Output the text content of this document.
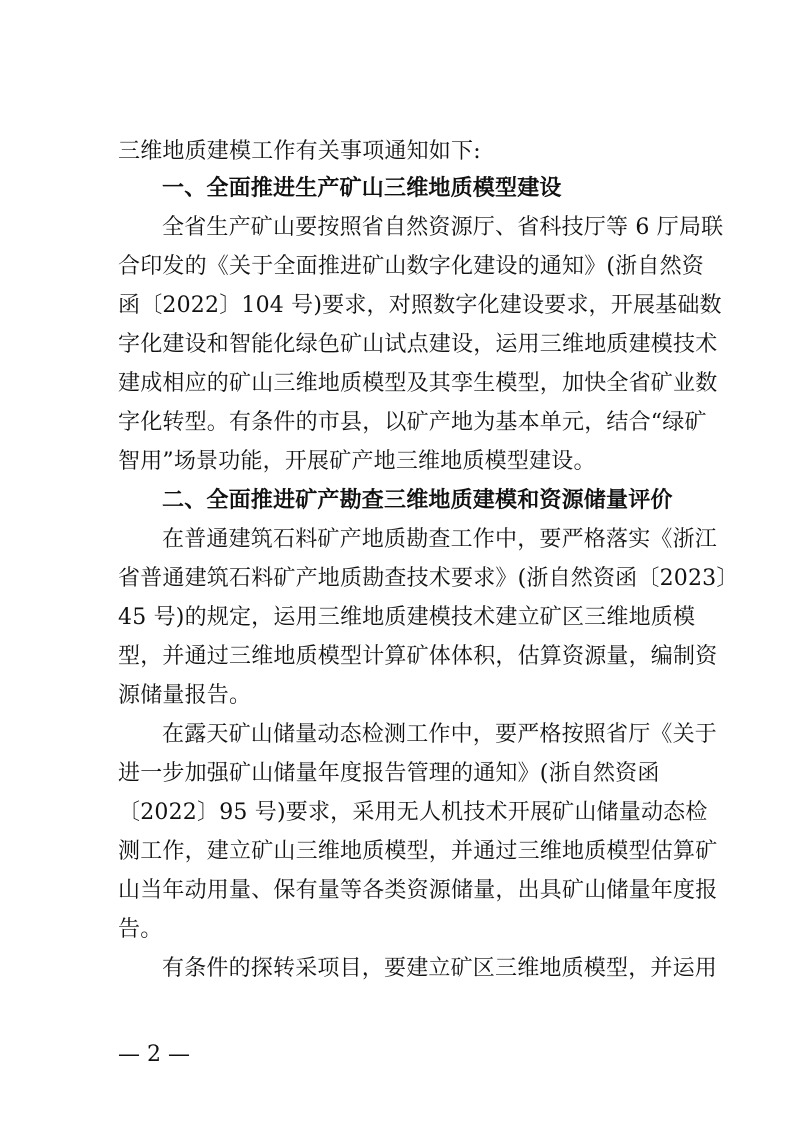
三维地质建模工作有关事项通知如下:
一、全面推进生产矿山三维地质模型建设
全省生产矿山要按照省自然资源厅、省科技厅等 6 厅局联
合印发的《关于全面推进矿山数字化建设的通知》(浙自然资
函〔2022〕104 号)要求，对照数字化建设要求，开展基础数
字化建设和智能化绿色矿山试点建设，运用三维地质建模技术
建成相应的矿山三维地质模型及其孪生模型，加快全省矿业数
字化转型。有条件的市县，以矿产地为基本单元，结合“绿矿
智用”场景功能，开展矿产地三维地质模型建设。
二、全面推进矿产勘查三维地质建模和资源储量评价
在普通建筑石料矿产地质勘查工作中，要严格落实《浙江
省普通建筑石料矿产地质勘查技术要求》(浙自然资函〔2023〕
45 号)的规定，运用三维地质建模技术建立矿区三维地质模
型，并通过三维地质模型计算矿体体积，估算资源量，编制资
源储量报告。
在露天矿山储量动态检测工作中，要严格按照省厅《关于
进一步加强矿山储量年度报告管理的通知》(浙自然资函
〔2022〕95 号)要求，采用无人机技术开展矿山储量动态检
测工作，建立矿山三维地质模型，并通过三维地质模型估算矿
山当年动用量、保有量等各类资源储量，出具矿山储量年度报
告。
有条件的探转采项目，要建立矿区三维地质模型，并运用
— 2 —
